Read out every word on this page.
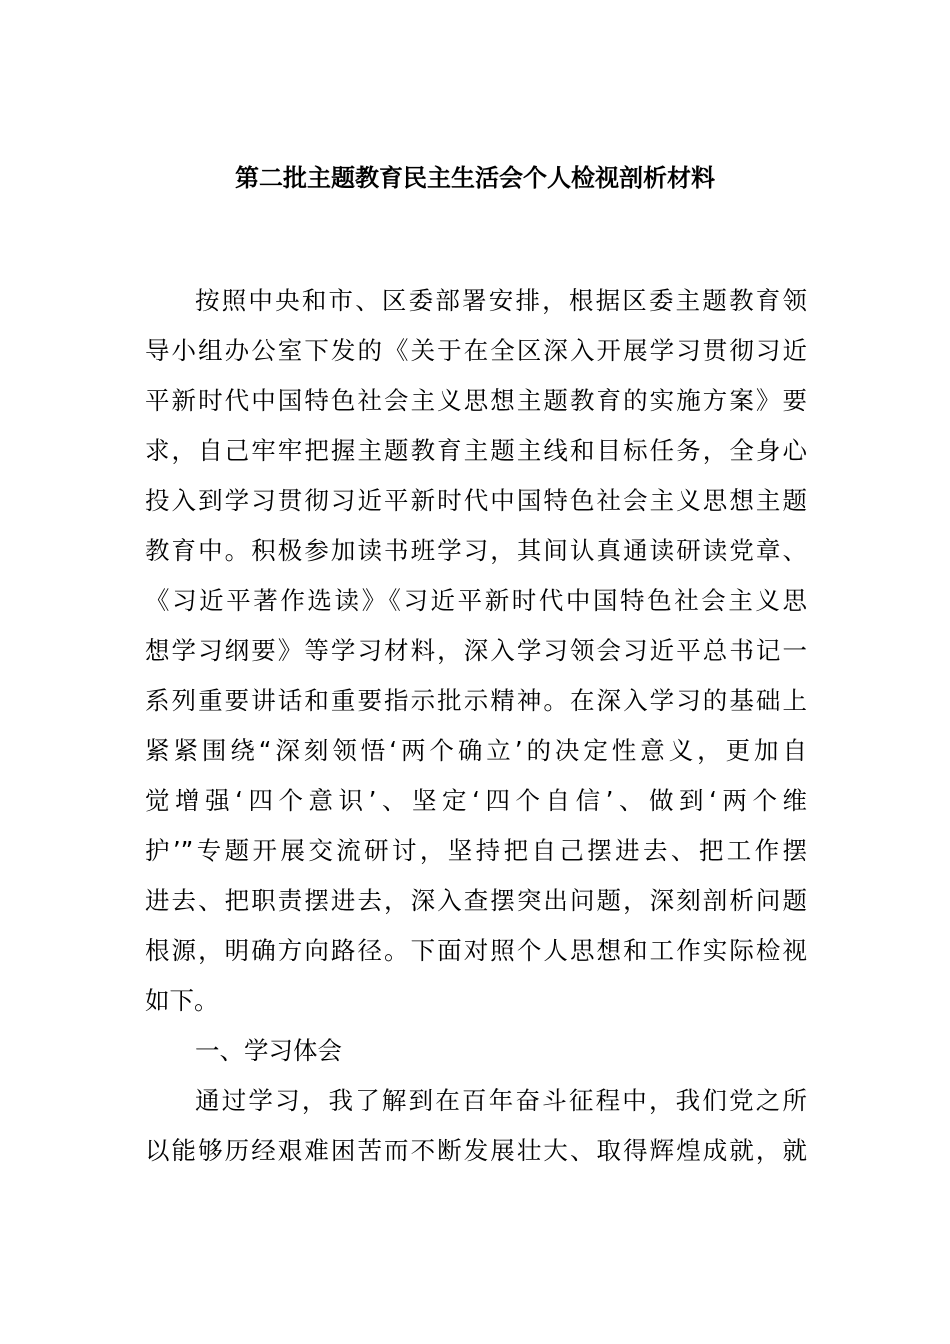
第二批主题教育民主生活会个人检视剖析材料
按照中央和市、区委部署安排，根据区委主题教育领
导小组办公室下发的《关于在全区深入开展学习贯彻习近
平新时代中国特色社会主义思想主题教育的实施方案》要
求，自己牢牢把握主题教育主题主线和目标任务，全身心
投入到学习贯彻习近平新时代中国特色社会主义思想主题
教育中。积极参加读书班学习，其间认真通读研读党章、
《习近平著作选读》《习近平新时代中国特色社会主义思
想学习纲要》等学习材料，深入学习领会习近平总书记一
系列重要讲话和重要指示批示精神。在深入学习的基础上
紧紧围绕“深刻领悟‘两个确立’的决定性意义，更加自
觉增强‘四个意识’、坚定‘四个自信’、做到‘两个维
护’”专题开展交流研讨，坚持把自己摆进去、把工作摆
进去、把职责摆进去，深入查摆突出问题，深刻剖析问题
根源，明确方向路径。下面对照个人思想和工作实际检视
如下。
一、学习体会
通过学习，我了解到在百年奋斗征程中，我们党之所
以能够历经艰难困苦而不断发展壮大、取得辉煌成就，就
